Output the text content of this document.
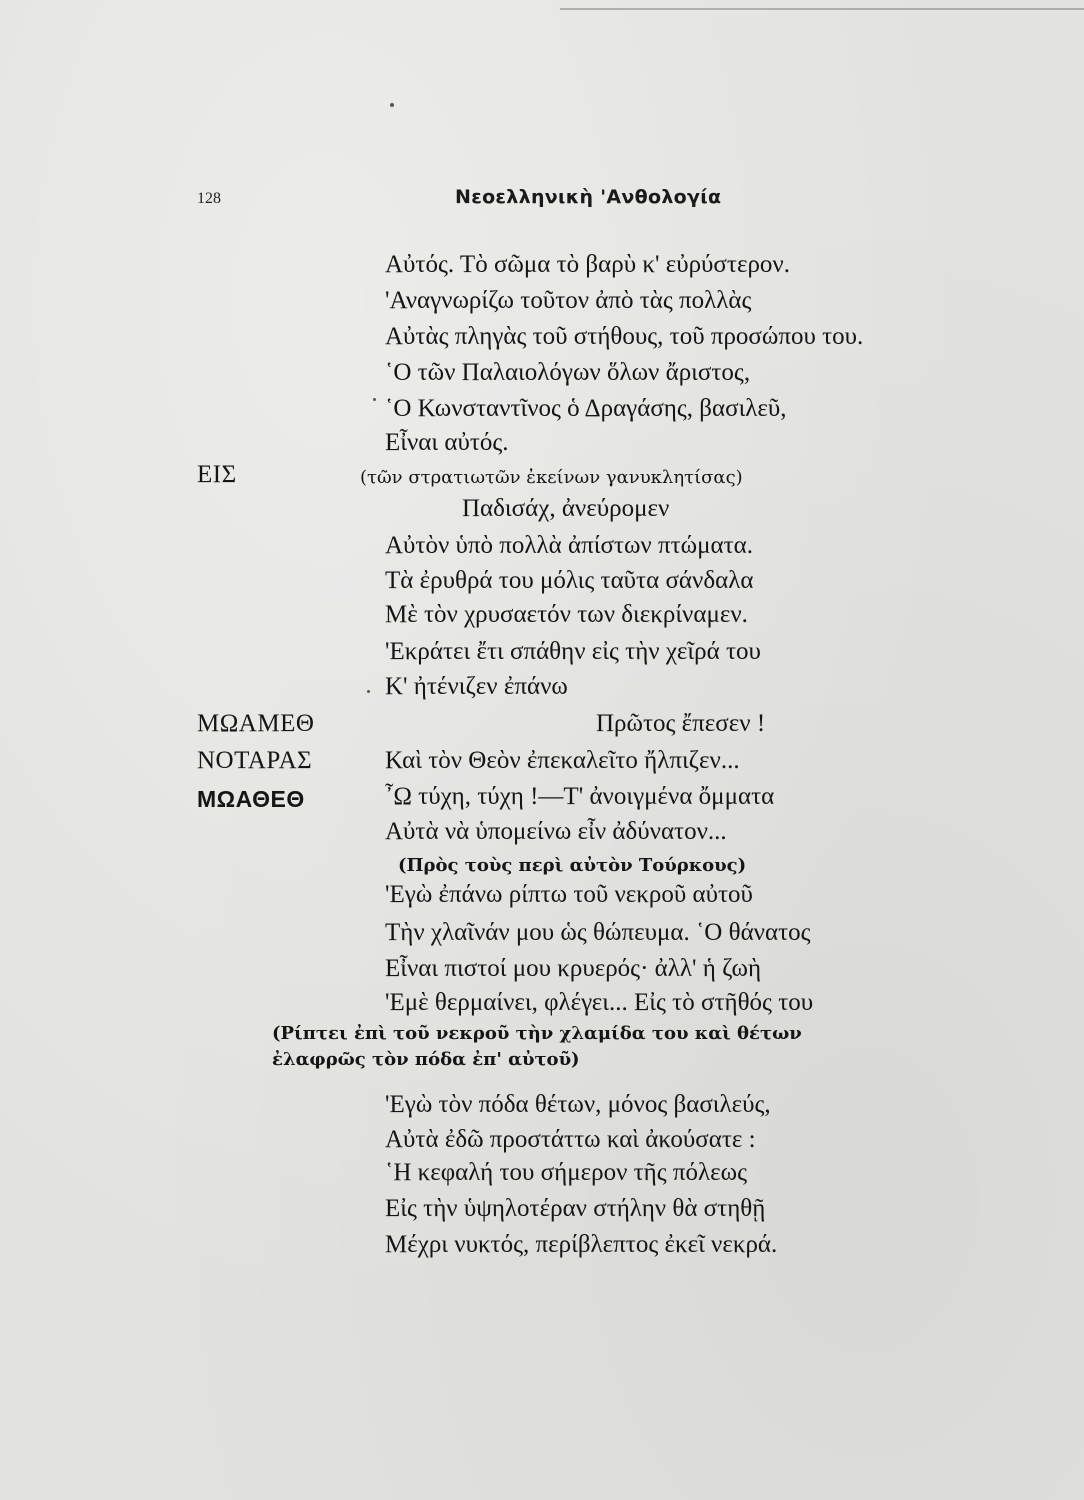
128	Νεοελληνικὴ 'Ανθολογία
Αὐτός. Τὸ σῶμα τὸ βαρὺ κ' εὐρύστερον.
'Αναγνωρίζω τοῦτον ἀπὸ τὰς πολλὰς
Αὐτὰς πληγὰς τοῦ στήθους, τοῦ προσώπου του.
῾Ο τῶν Παλαιολόγων ὅλων ἄριστος,
῾Ο Κωνσταντῖνος ὁ Δραγάσης, βασιλεῦ,
Εἶναι αὐτός.
ΕΙΣ	(τῶν στρατιωτῶν ἐκείνων γανυκλητίσας)
Παδισάχ, ἀνεύρομεν
Αὐτὸν ὑπὸ πολλὰ ἀπίστων πτώματα.
Τὰ ἐρυθρά του μόλις ταῦτα σάνδαλα
Μὲ τὸν χρυσαετόν των διεκρίναμεν.
'Εκράτει ἔτι σπάθην εἰς τὴν χεῖρά του
Κ' ἠτένιζεν ἐπάνω
ΜΩΑΜΕΘ	Πρῶτος ἔπεσεν !
ΝΟΤΑΡΑΣ	Καὶ τὸν Θεὸν ἐπεκαλεῖτο ἤλπιζεν...
ΜΩΑΘΕΘ	῏Ω τύχη, τύχη !—Τ' ἀνοιγμένα ὄμματα
Αὐτὰ νὰ ὑπομείνω εἶν ἀδύνατον...
(Πρὸς τοὺς περὶ αὐτὸν Τούρκους)
'Εγὼ ἐπάνω ρίπτω τοῦ νεκροῦ αὐτοῦ
Τὴν χλαῖνάν μου ὡς θώπευμα. ῾Ο θάνατος
Εἶναι πιστοί μου κρυερός· ἀλλ' ἡ ζωὴ
'Εμὲ θερμαίνει, φλέγει... Εἰς τὸ στῆθός του
(Ρίπτει ἐπὶ τοῦ νεκροῦ τὴν χλαμίδα του καὶ θέτων
ἐλαφρῶς τὸν πόδα ἐπ' αὐτοῦ)
'Εγὼ τὸν πόδα θέτων, μόνος βασιλεύς,
Αὐτὰ ἐδῶ προστάττω καὶ ἀκούσατε :
῾Η κεφαλή του σήμερον τῆς πόλεως
Εἰς τὴν ὑψηλοτέραν στήλην θὰ στηθῇ
Μέχρι νυκτός, περίβλεπτος ἐκεῖ νεκρά.
